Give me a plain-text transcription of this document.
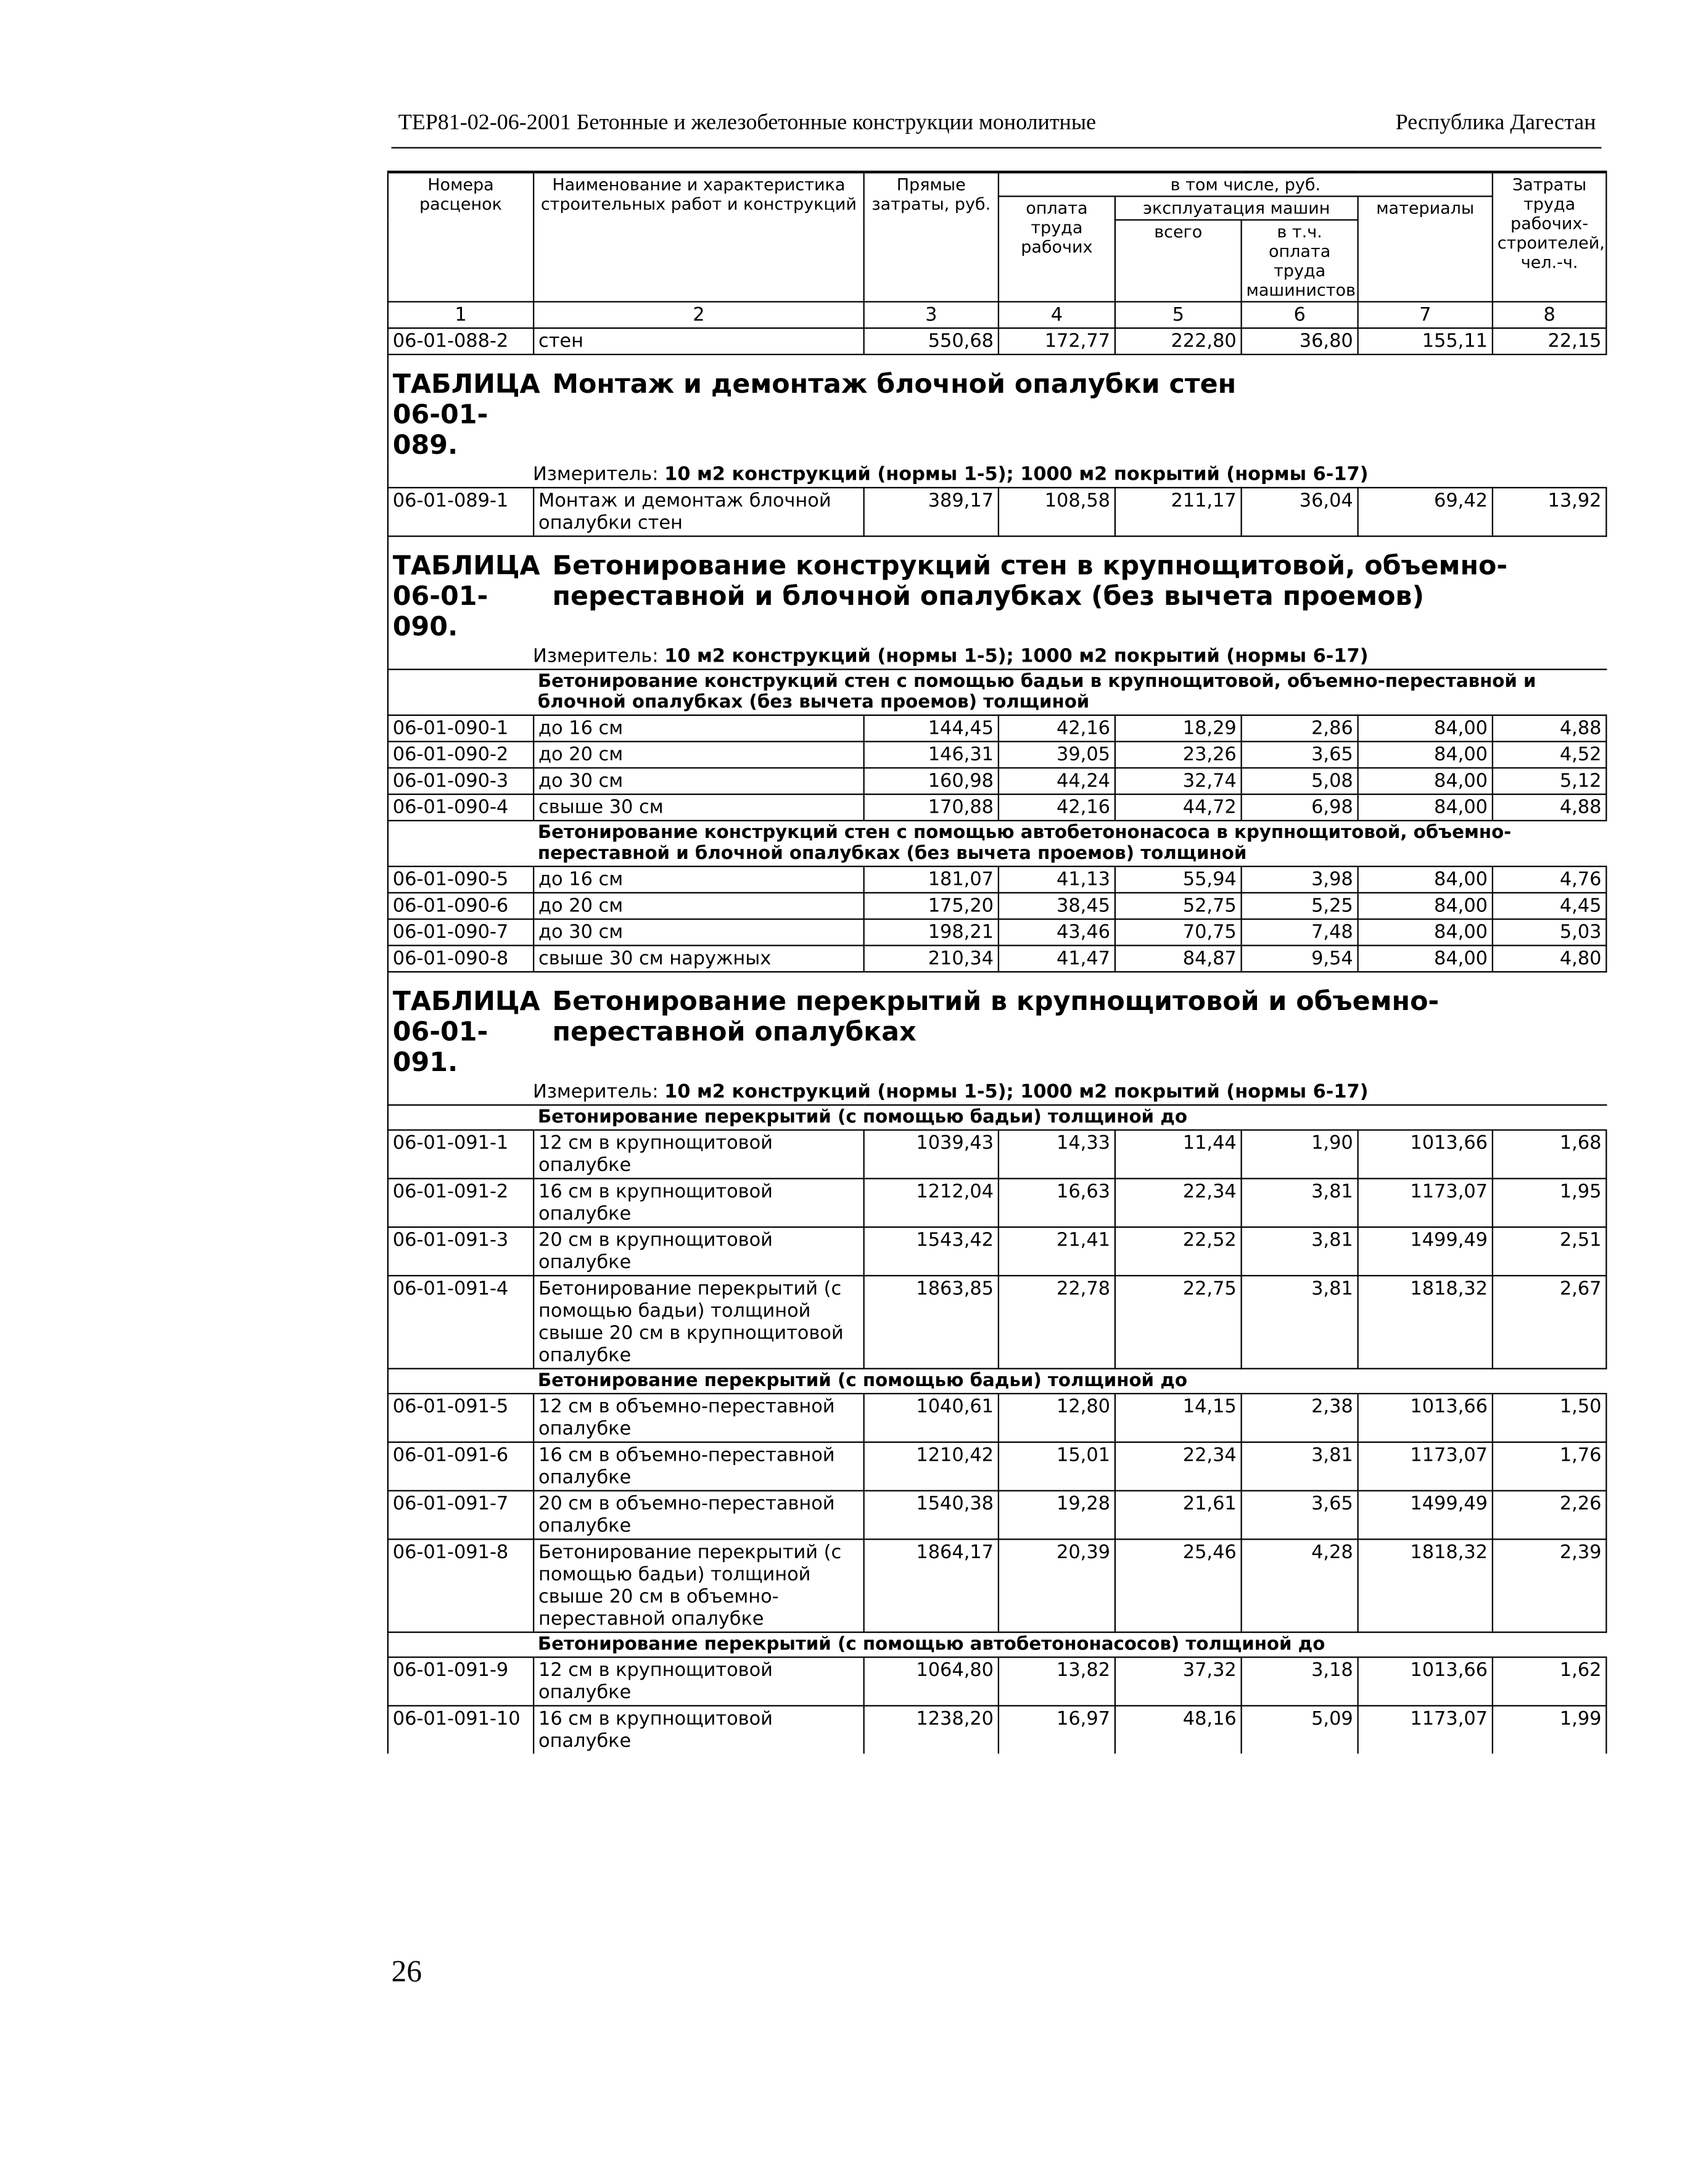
ТЕР81-02-06-2001 Бетонные и железобетонные конструкции монолитные	Республика Дагестан
Номера расценок	Наименование и характеристика строительных работ и конструкций	Прямые затраты, руб.	в том числе, руб.				Затраты труда рабочих-строителей, чел.-ч.
			оплата труда рабочих	эксплуатация машин		материалы	
				всего	в т.ч. оплата труда машинистов		
1	2	3	4	5	6	7	8
06-01-088-2	стен	550,68	172,77	222,80	36,80	155,11	22,15
ТАБЛИЦА 06-01-089.Монтаж и демонтаж блочной опалубки стен							
Измеритель: 10 м2 конструкций (нормы 1-5); 1000 м2 покрытий (нормы 6-17)							
06-01-089-1	Монтаж и демонтаж блочной опалубки стен	389,17	108,58	211,17	36,04	69,42	13,92
ТАБЛИЦА 06-01-090.Бетонирование конструкций стен в крупнощитовой, объемно-переставной и блочной опалубках (без вычета проемов)							
Измеритель: 10 м2 конструкций (нормы 1-5); 1000 м2 покрытий (нормы 6-17)							
	Бетонирование конструкций стен с помощью бадьи в крупнощитовой, объемно-переставной и блочной опалубках (без вычета проемов) толщиной						
06-01-090-1	до 16 см	144,45	42,16	18,29	2,86	84,00	4,88
06-01-090-2	до 20 см	146,31	39,05	23,26	3,65	84,00	4,52
06-01-090-3	до 30 см	160,98	44,24	32,74	5,08	84,00	5,12
06-01-090-4	свыше 30 см	170,88	42,16	44,72	6,98	84,00	4,88
	Бетонирование конструкций стен с помощью автобетононасоса в крупнощитовой, объемно-переставной и блочной опалубках (без вычета проемов) толщиной						
06-01-090-5	до 16 см	181,07	41,13	55,94	3,98	84,00	4,76
06-01-090-6	до 20 см	175,20	38,45	52,75	5,25	84,00	4,45
06-01-090-7	до 30 см	198,21	43,46	70,75	7,48	84,00	5,03
06-01-090-8	свыше 30 см наружных	210,34	41,47	84,87	9,54	84,00	4,80
ТАБЛИЦА 06-01-091.Бетонирование перекрытий в крупнощитовой и объемно-переставной опалубках							
Измеритель: 10 м2 конструкций (нормы 1-5); 1000 м2 покрытий (нормы 6-17)							
	Бетонирование перекрытий (с помощью бадьи) толщиной до						
06-01-091-1	12 см в крупнощитовой опалубке	1039,43	14,33	11,44	1,90	1013,66	1,68
06-01-091-2	16 см в крупнощитовой опалубке	1212,04	16,63	22,34	3,81	1173,07	1,95
06-01-091-3	20 см в крупнощитовой опалубке	1543,42	21,41	22,52	3,81	1499,49	2,51
06-01-091-4	Бетонирование перекрытий (с помощью бадьи) толщиной свыше 20 см в крупнощитовой опалубке	1863,85	22,78	22,75	3,81	1818,32	2,67
	Бетонирование перекрытий (с помощью бадьи) толщиной до						
06-01-091-5	12 см в объемно-переставной опалубке	1040,61	12,80	14,15	2,38	1013,66	1,50
06-01-091-6	16 см в объемно-переставной опалубке	1210,42	15,01	22,34	3,81	1173,07	1,76
06-01-091-7	20 см в объемно-переставной опалубке	1540,38	19,28	21,61	3,65	1499,49	2,26
06-01-091-8	Бетонирование перекрытий (с помощью бадьи) толщиной свыше 20 см в объемно-переставной опалубке	1864,17	20,39	25,46	4,28	1818,32	2,39
	Бетонирование перекрытий (с помощью автобетононасосов) толщиной до						
06-01-091-9	12 см в крупнощитовой опалубке	1064,80	13,82	37,32	3,18	1013,66	1,62
06-01-091-10	16 см в крупнощитовой опалубке	1238,20	16,97	48,16	5,09	1173,07	1,99
26
